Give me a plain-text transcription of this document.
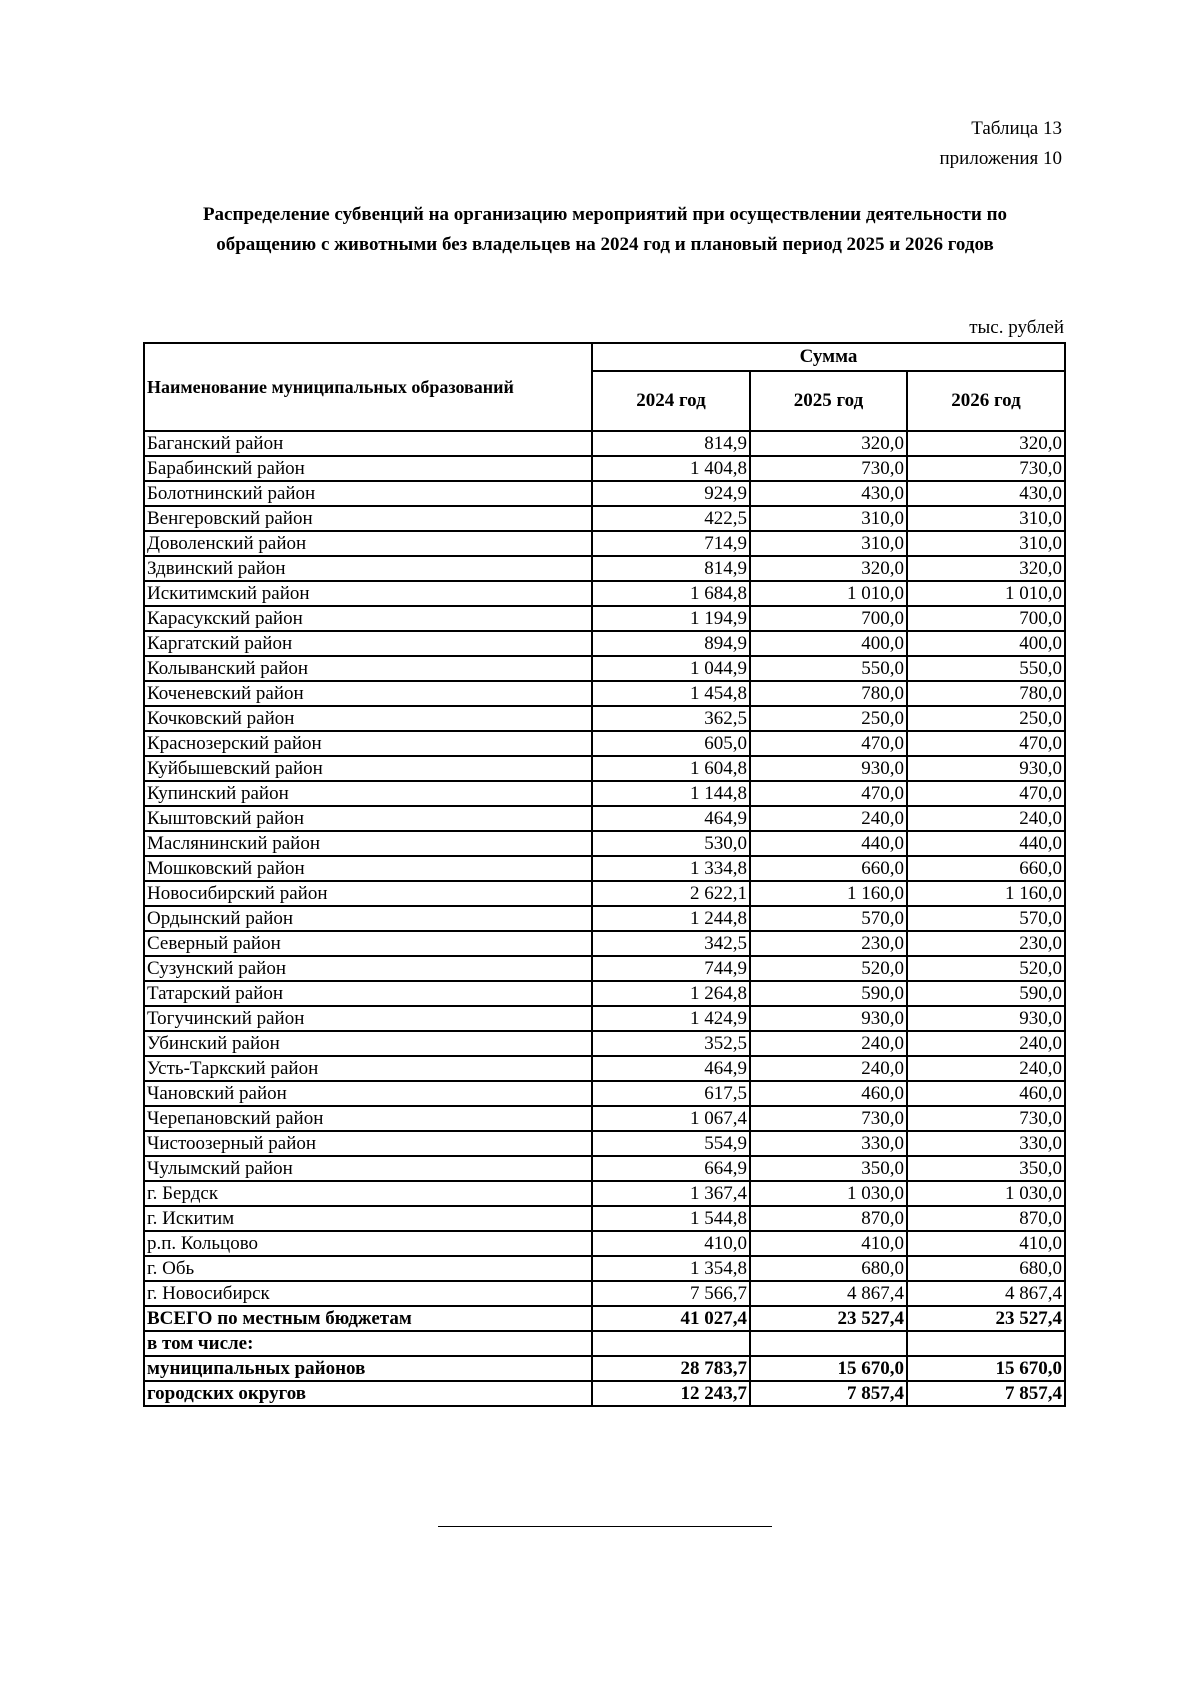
Таблица 13
приложения 10
Распределение субвенций на организацию мероприятий при осуществлении деятельности по
обращению с животными без владельцев на 2024 год и плановый период 2025 и 2026 годов
тыс. рублей
Наименование муниципальных образований	Сумма		
	2024 год	2025 год	2026 год
Баганский район	814,9	320,0	320,0
Барабинский район	1 404,8	730,0	730,0
Болотнинский район	924,9	430,0	430,0
Венгеровский район	422,5	310,0	310,0
Доволенский район	714,9	310,0	310,0
Здвинский район	814,9	320,0	320,0
Искитимский район	1 684,8	1 010,0	1 010,0
Карасукский район	1 194,9	700,0	700,0
Каргатский район	894,9	400,0	400,0
Колыванский район	1 044,9	550,0	550,0
Коченевский район	1 454,8	780,0	780,0
Кочковский район	362,5	250,0	250,0
Краснозерский район	605,0	470,0	470,0
Куйбышевский район	1 604,8	930,0	930,0
Купинский район	1 144,8	470,0	470,0
Кыштовский район	464,9	240,0	240,0
Маслянинский район	530,0	440,0	440,0
Мошковский район	1 334,8	660,0	660,0
Новосибирский район	2 622,1	1 160,0	1 160,0
Ордынский район	1 244,8	570,0	570,0
Северный район	342,5	230,0	230,0
Сузунский район	744,9	520,0	520,0
Татарский район	1 264,8	590,0	590,0
Тогучинский район	1 424,9	930,0	930,0
Убинский район	352,5	240,0	240,0
Усть-Таркский район	464,9	240,0	240,0
Чановский район	617,5	460,0	460,0
Черепановский район	1 067,4	730,0	730,0
Чистоозерный район	554,9	330,0	330,0
Чулымский район	664,9	350,0	350,0
г. Бердск	1 367,4	1 030,0	1 030,0
г. Искитим	1 544,8	870,0	870,0
р.п. Кольцово	410,0	410,0	410,0
г. Обь	1 354,8	680,0	680,0
г. Новосибирск	7 566,7	4 867,4	4 867,4
ВСЕГО по местным бюджетам	41 027,4	23 527,4	23 527,4
в том числе:			
муниципальных районов	28 783,7	15 670,0	15 670,0
городских округов	12 243,7	7 857,4	7 857,4
